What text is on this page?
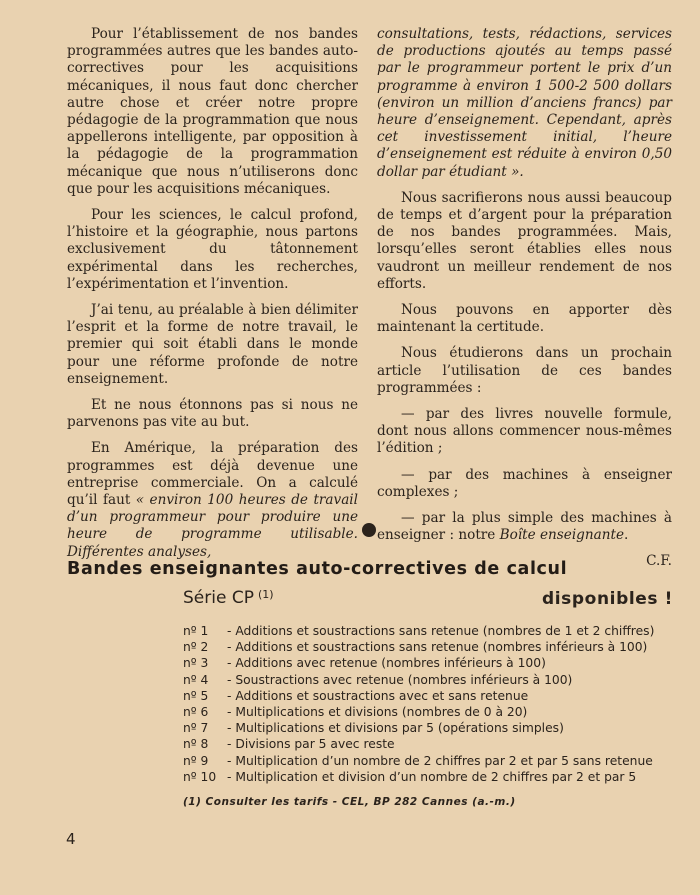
Pour l’établissement de nos bandes programmées autres que les bandes auto-correctives pour les acquisitions mécaniques, il nous faut donc chercher autre chose et créer notre propre pédagogie de la programmation que nous appellerons intelligente, par opposition à la pédagogie de la programmation mécanique que nous n’utiliserons donc que pour les acquisitions mécaniques.

Pour les sciences, le calcul profond, l’histoire et la géographie, nous partons exclusivement du tâtonnement expérimental dans les recherches, l’expérimentation et l’invention.

J’ai tenu, au préalable à bien délimiter l’esprit et la forme de notre travail, le premier qui soit établi dans le monde pour une réforme profonde de notre enseignement.

Et ne nous étonnons pas si nous ne parvenons pas vite au but.

En Amérique, la préparation des programmes est déjà devenue une entreprise commerciale. On a calculé qu’il faut « environ 100 heures de travail d’un programmeur pour produire une heure de programme utilisable. Différentes analyses,

consultations, tests, rédactions, services de productions ajoutés au temps passé par le programmeur portent le prix d’un programme à environ 1 500-2 500 dollars (environ un million d’anciens francs) par heure d’enseignement. Cependant, après cet investissement initial, l’heure d’enseignement est réduite à environ 0,50 dollar par étudiant ».

Nous sacrifierons nous aussi beaucoup de temps et d’argent pour la préparation de nos bandes programmées. Mais, lorsqu’elles seront établies elles nous vaudront un meilleur rendement de nos efforts.

Nous pouvons en apporter dès maintenant la certitude.

Nous étudierons dans un prochain article l’utilisation de ces bandes programmées :

— par des livres nouvelle formule, dont nous allons commencer nous-mêmes l’édition ;

— par des machines à enseigner complexes ;

— par la plus simple des machines à enseigner : notre Boîte enseignante.

C.F.

Bandes enseignantes auto-correctives de calcul
Série CP $^{(1)}$	disponibles !
nº 1 - Additions et soustractions sans retenue (nombres de 1 et 2 chiffres)
nº 2 - Additions et soustractions sans retenue (nombres inférieurs à 100)
nº 3 - Additions avec retenue (nombres inférieurs à 100)
nº 4 - Soustractions avec retenue (nombres inférieurs à 100)
nº 5 - Additions et soustractions avec et sans retenue
nº 6 - Multiplications et divisions (nombres de 0 à 20)
nº 7 - Multiplications et divisions par 5 (opérations simples)
nº 8 - Divisions par 5 avec reste
nº 9 - Multiplication d’un nombre de 2 chiffres par 2 et par 5 sans retenue
nº 10 - Multiplication et division d’un nombre de 2 chiffres par 2 et par 5
(1) Consulter les tarifs - CEL, BP 282 Cannes (a.-m.)
4
